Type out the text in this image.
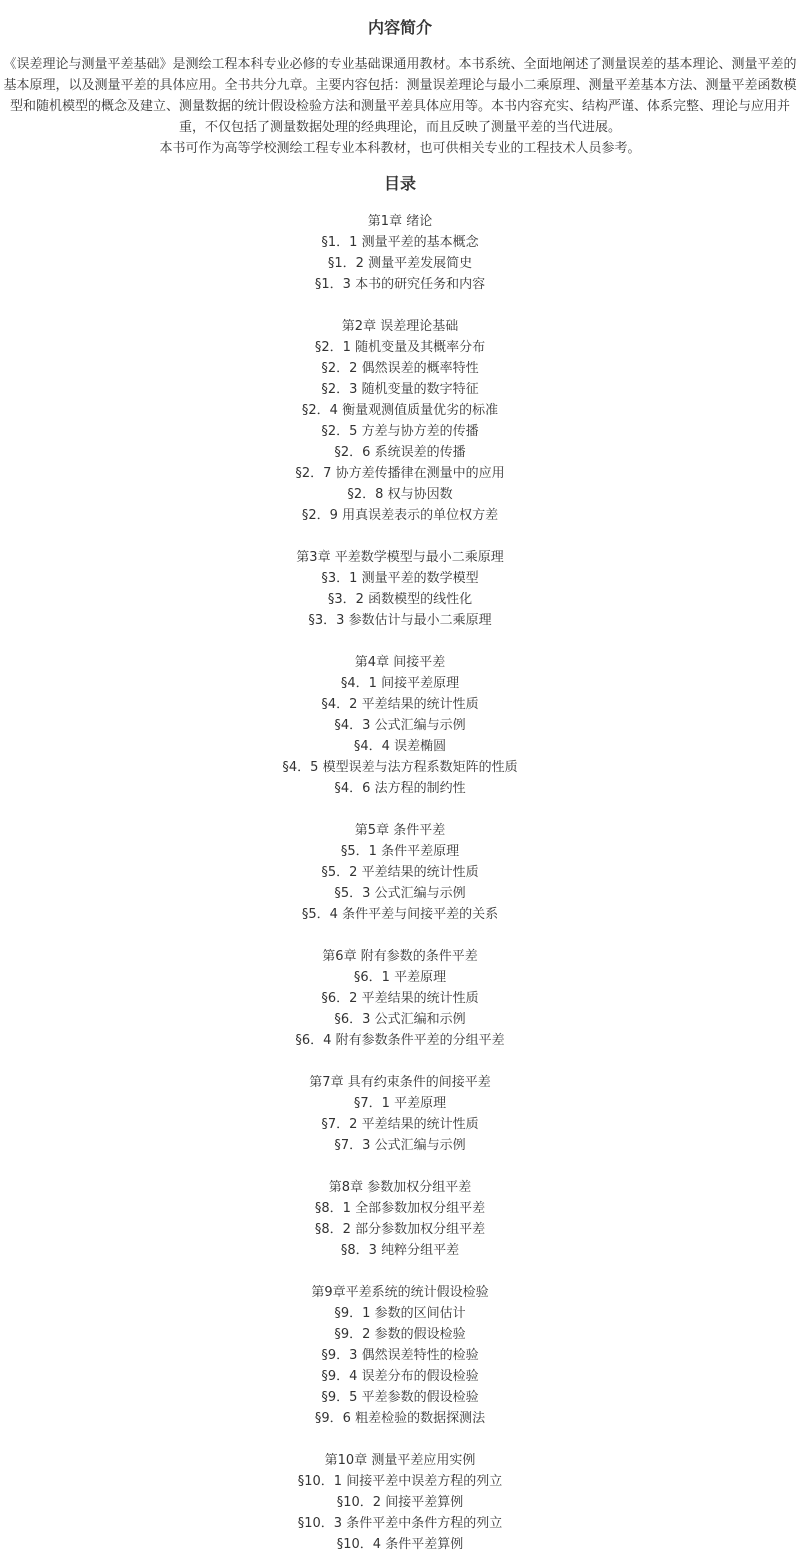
内容简介

《误差理论与测量平差基础》是测绘工程本科专业必修的专业基础课通用教材。本书系统、全面地阐述了测量误差的基本理论、测量平差的基本原理，以及测量平差的具体应用。全书共分九章。主要内容包括：测量误差理论与最小二乘原理、测量平差基本方法、测量平差函数模型和随机模型的概念及建立、测量数据的统计假设检验方法和测量平差具体应用等。本书内容充实、结构严谨、体系完整、理论与应用并重，不仅包括了测量数据处理的经典理论，而且反映了测量平差的当代进展。

本书可作为高等学校测绘工程专业本科教材，也可供相关专业的工程技术人员参考。

目录
第1章 绪论
§1．1 测量平差的基本概念
§1．2 测量平差发展简史
§1．3 本书的研究任务和内容
第2章 误差理论基础
§2．1 随机变量及其概率分布
§2．2 偶然误差的概率特性
§2．3 随机变量的数字特征
§2．4 衡量观测值质量优劣的标准
§2．5 方差与协方差的传播
§2．6 系统误差的传播
§2．7 协方差传播律在测量中的应用
§2．8 权与协因数
§2．9 用真误差表示的单位权方差
第3章 平差数学模型与最小二乘原理
§3．1 测量平差的数学模型
§3．2 函数模型的线性化
§3．3 参数估计与最小二乘原理
第4章 间接平差
§4．1 间接平差原理
§4．2 平差结果的统计性质
§4．3 公式汇编与示例
§4．4 误差椭圆
§4．5 模型误差与法方程系数矩阵的性质
§4．6 法方程的制约性
第5章 条件平差
§5．1 条件平差原理
§5．2 平差结果的统计性质
§5．3 公式汇编与示例
§5．4 条件平差与间接平差的关系
第6章 附有参数的条件平差
§6．1 平差原理
§6．2 平差结果的统计性质
§6．3 公式汇编和示例
§6．4 附有参数条件平差的分组平差
第7章 具有约束条件的间接平差
§7．1 平差原理
§7．2 平差结果的统计性质
§7．3 公式汇编与示例
第8章 参数加权分组平差
§8．1 全部参数加权分组平差
§8．2 部分参数加权分组平差
§8．3 纯粹分组平差
第9章平差系统的统计假设检验
§9．1 参数的区间估计
§9．2 参数的假设检验
§9．3 偶然误差特性的检验
§9．4 误差分布的假设检验
§9．5 平差参数的假设检验
§9．6 粗差检验的数据探测法
第10章 测量平差应用实例
§10．1 间接平差中误差方程的列立
§10．2 间接平差算例
§10．3 条件平差中条件方程的列立
§10．4 条件平差算例
